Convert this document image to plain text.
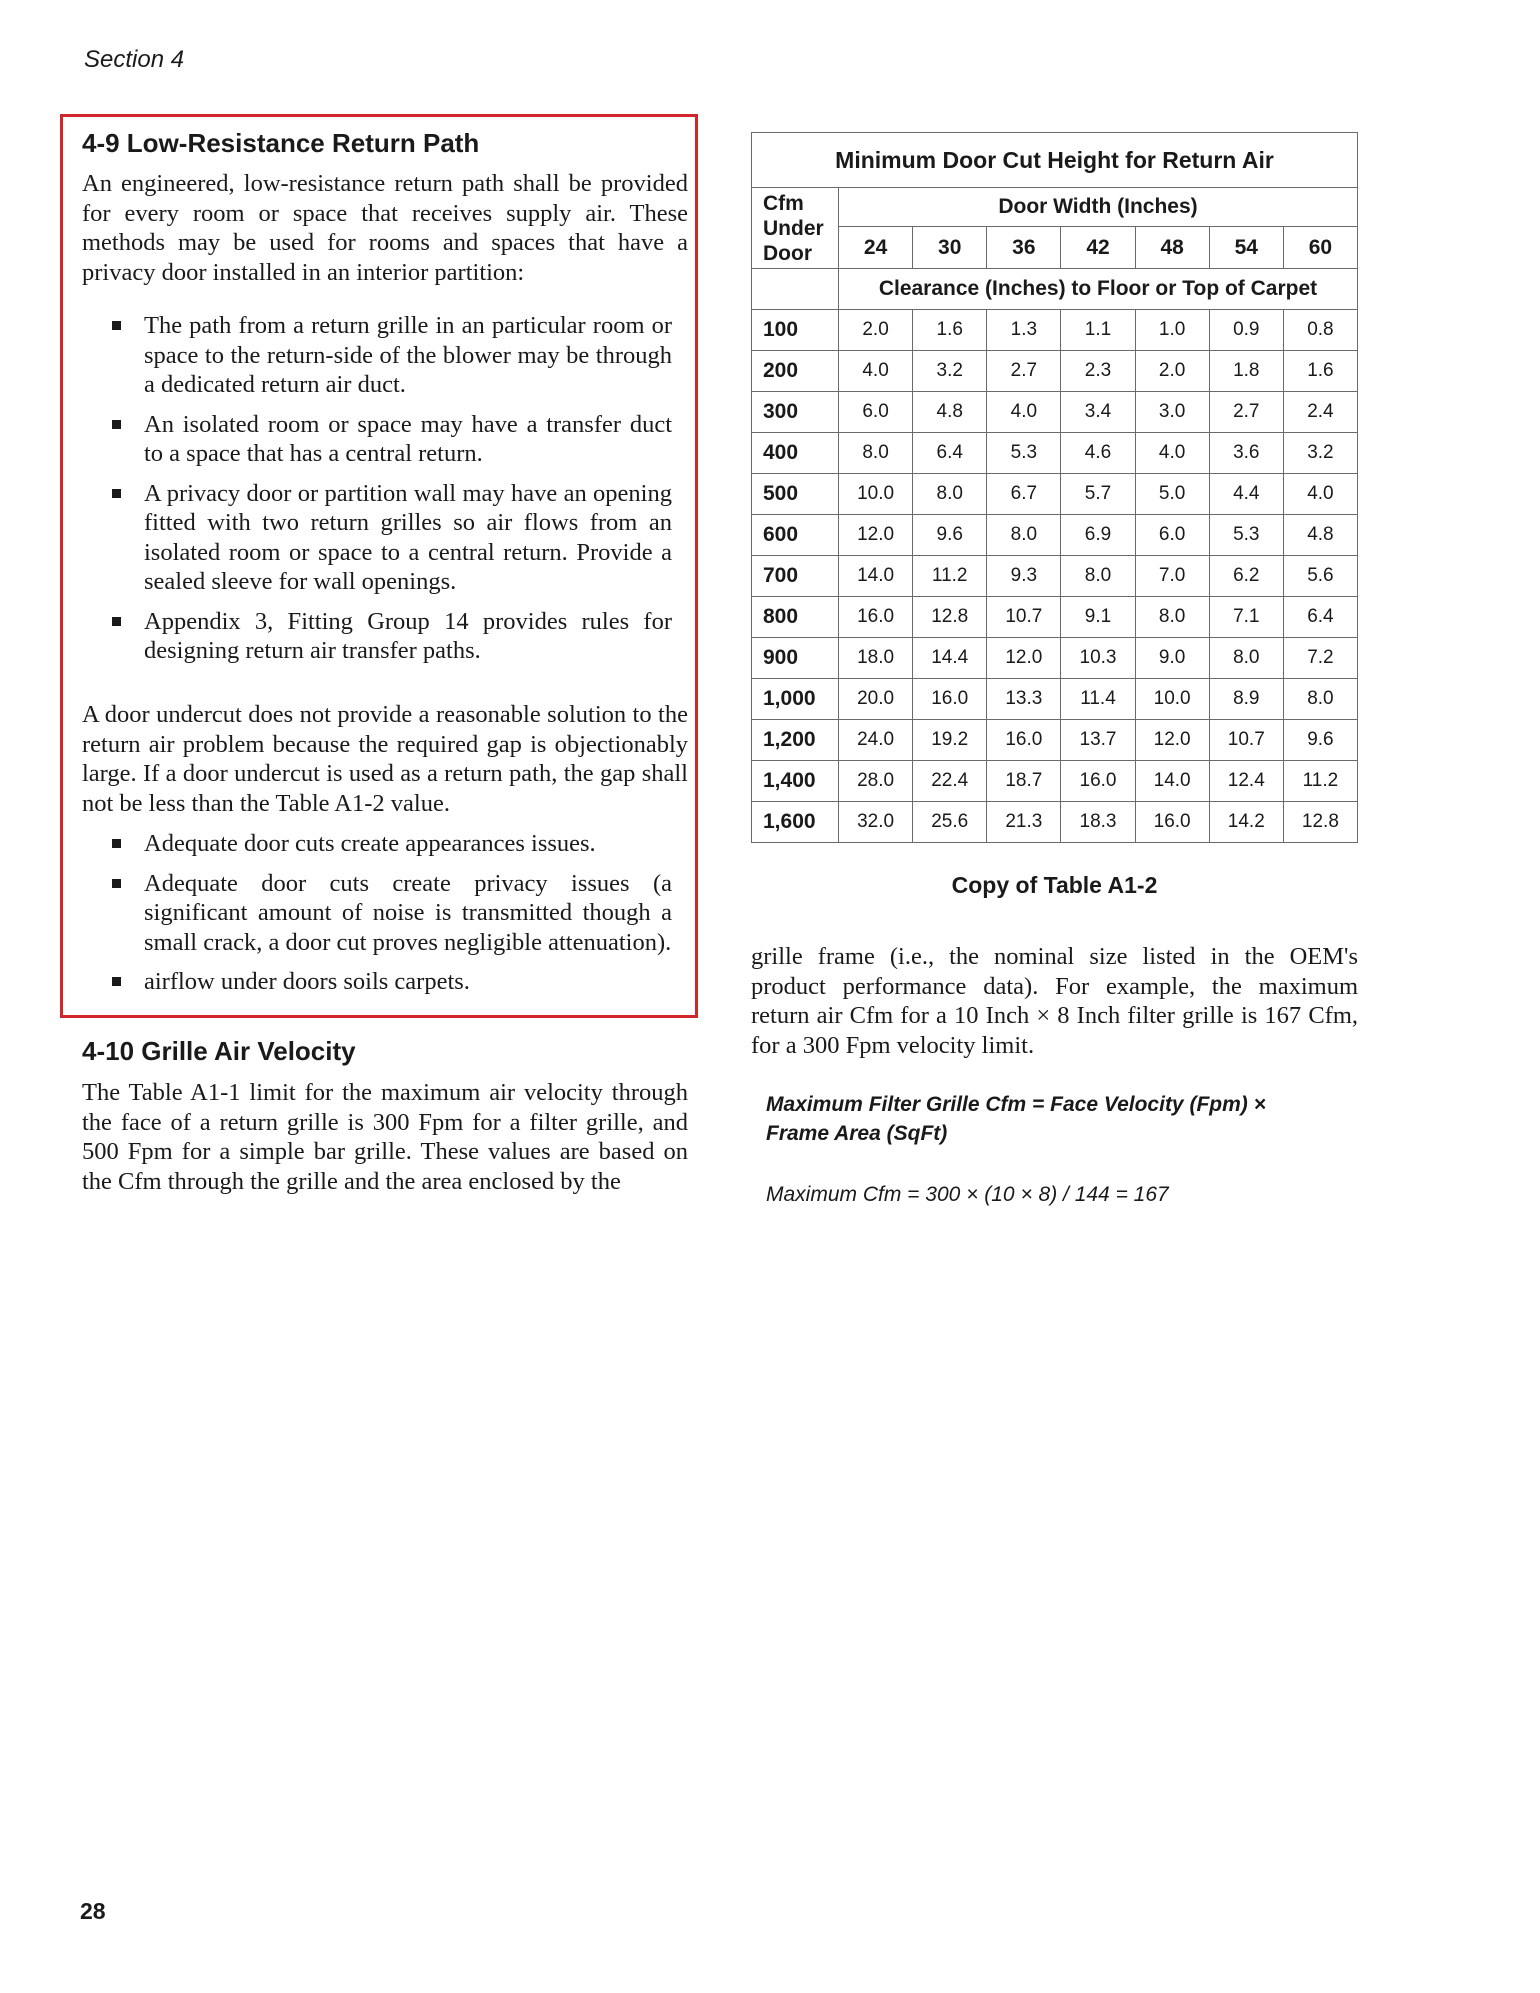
Section 4
4-9 Low-Resistance Return Path
An engineered, low-resistance return path shall be provided for every room or space that receives supply air. These methods may be used for rooms and spaces that have a privacy door installed in an interior partition:
The path from a return grille in an particular room or space to the return-side of the blower may be through a dedicated return air duct.
An isolated room or space may have a transfer duct to a space that has a central return.
A privacy door or partition wall may have an opening fitted with two return grilles so air flows from an isolated room or space to a central return. Provide a sealed sleeve for wall openings.
Appendix 3, Fitting Group 14 provides rules for designing return air transfer paths.
A door undercut does not provide a reasonable solution to the return air problem because the required gap is objectionably large. If a door undercut is used as a return path, the gap shall not be less than the Table A1-2 value.
Adequate door cuts create appearances issues.
Adequate door cuts create privacy issues (a significant amount of noise is transmitted though a small crack, a door cut proves negligible attenuation).
airflow under doors soils carpets.
4-10 Grille Air Velocity
The Table A1-1 limit for the maximum air velocity through the face of a return grille is 300 Fpm for a filter grille, and 500 Fpm for a simple bar grille. These values are based on the Cfm through the grille and the area enclosed by the
Minimum Door Cut Height for Return Air							

Cfm
Under
Door	Door Width (Inches)						
	24	30	36	42	48	54	60
	Clearance (Inches) to Floor or Top of Carpet						
100	2.0	1.6	1.3	1.1	1.0	0.9	0.8
200	4.0	3.2	2.7	2.3	2.0	1.8	1.6
300	6.0	4.8	4.0	3.4	3.0	2.7	2.4
400	8.0	6.4	5.3	4.6	4.0	3.6	3.2
500	10.0	8.0	6.7	5.7	5.0	4.4	4.0
600	12.0	9.6	8.0	6.9	6.0	5.3	4.8
700	14.0	11.2	9.3	8.0	7.0	6.2	5.6
800	16.0	12.8	10.7	9.1	8.0	7.1	6.4
900	18.0	14.4	12.0	10.3	9.0	8.0	7.2
1,000	20.0	16.0	13.3	11.4	10.0	8.9	8.0
1,200	24.0	19.2	16.0	13.7	12.0	10.7	9.6
1,400	28.0	22.4	18.7	16.0	14.0	12.4	11.2
1,600	32.0	25.6	21.3	18.3	16.0	14.2	12.8
Copy of Table A1-2
grille frame (i.e., the nominal size listed in the OEM's product performance data). For example, the maximum return air Cfm for a 10 Inch × 8 Inch filter grille is 167 Cfm, for a 300 Fpm velocity limit.
Maximum Filter Grille Cfm = Face Velocity (Fpm) × Frame Area (SqFt)
Maximum Cfm = 300 × (10 × 8) / 144 = 167
28
